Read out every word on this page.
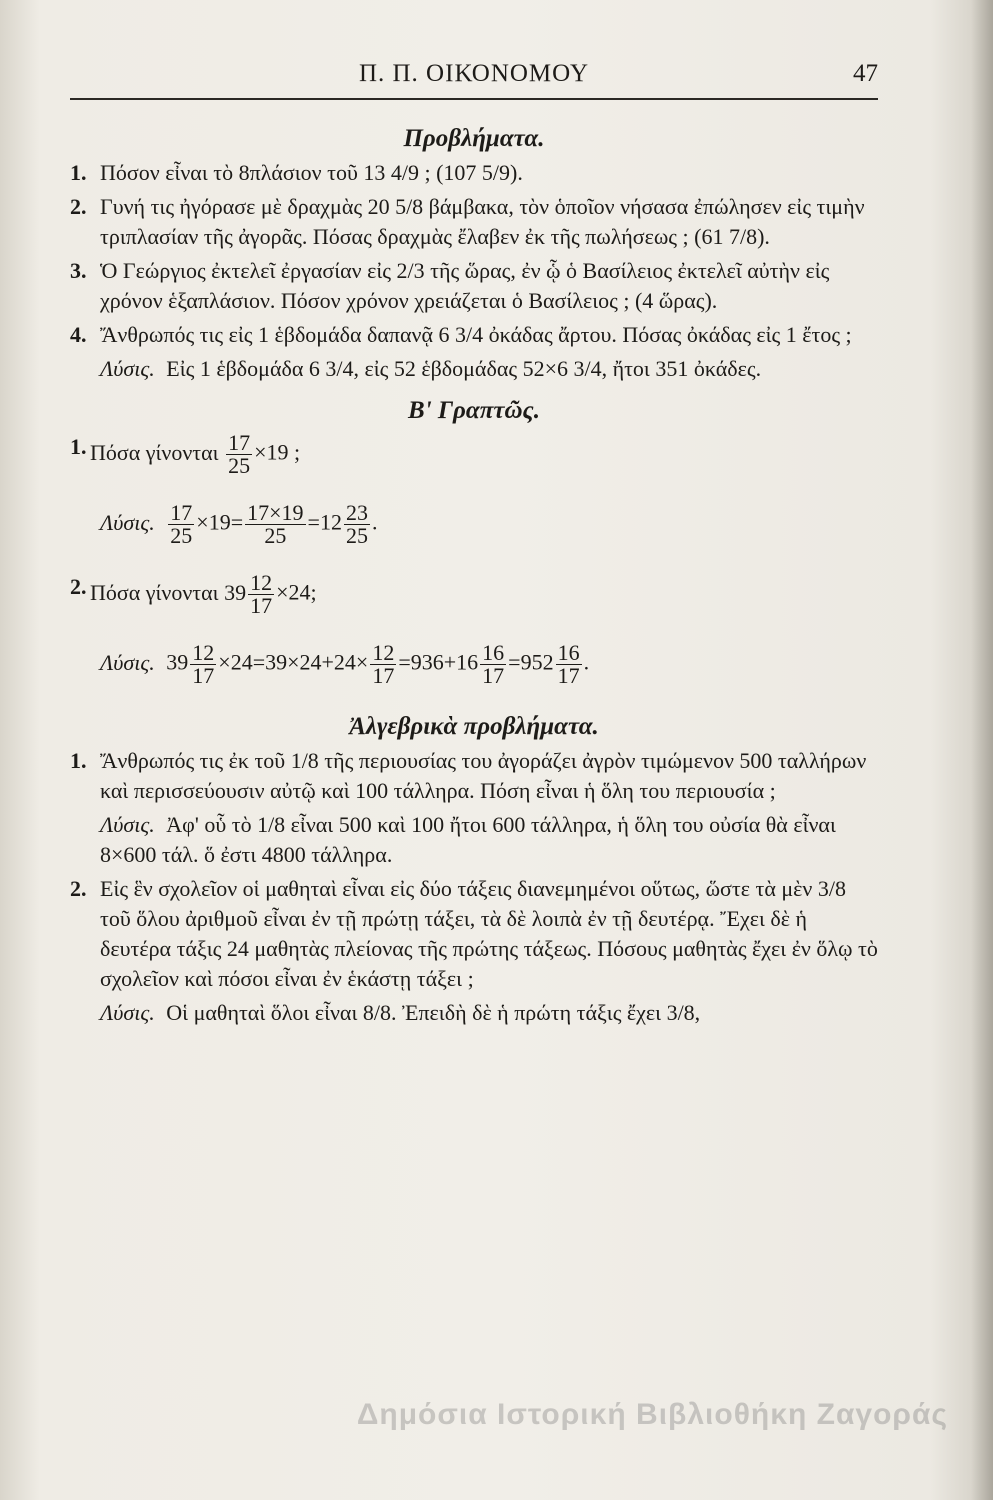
Π. Π. ΟΙΚΟΝΟΜΟΥ	47
Προβλήματα.
1. Πόσον εἶναι τὸ 8πλάσιον τοῦ 13 4/9 ; (107 5/9).
2. Γυνή τις ἠγόρασε μὲ δραχμὰς 20 5/8 βάμβακα, τὸν ὁποῖον νήσασα ἐπώλησεν εἰς τιμὴν τριπλασίαν τῆς ἀγορᾶς. Πόσας δραχμὰς ἔλαβεν ἐκ τῆς πωλήσεως ; (61 7/8).
3. Ὁ Γεώργιος ἐκτελεῖ ἐργασίαν εἰς 2/3 τῆς ὥρας, ἐν ᾧ ὁ Βασίλειος ἐκτελεῖ αὐτὴν εἰς χρόνον ἑξαπλάσιον. Πόσον χρόνον χρειάζεται ὁ Βασίλειος ; (4 ὥρας).
4. Ἄνθρωπός τις εἰς 1 ἑβδομάδα δαπανᾷ 6 3/4 ὀκάδας ἄρτου. Πόσας ὀκάδας εἰς 1 ἔτος ;
Λύσις. Εἰς 1 ἑβδομάδα 6 3/4, εἰς 52 ἑβδομάδας 52×6 3/4, ἤτοι 351 ὀκάδες.
Β' Γραπτῶς.
1. Πόσα γίνονται $\frac{17}{25} \times 19$ ;
Λύσις. $\frac{17}{25} \times 19= \frac{17\times 19}{25} =12 \frac{23}{25}$ .
2. Πόσα γίνονται $39 \frac{12}{17} \times 24$;
Λύσις. $39 \frac{12}{17} \times 24=39\times 24+24\times \frac{12}{17} =936+16 \frac{16}{17} =952 \frac{16}{17}$ .
Ἀλγεβρικὰ προβλήματα.
1. Ἄνθρωπός τις ἐκ τοῦ 1/8 τῆς περιουσίας του ἀγοράζει ἀγρὸν τιμώμενον 500 ταλλήρων καὶ περισσεύουσιν αὐτῷ καὶ 100 τάλληρα. Πόση εἶναι ἡ ὅλη του περιουσία ;
Λύσις. Ἀφ' οὗ τὸ 1/8 εἶναι 500 καὶ 100 ἤτοι 600 τάλληρα, ἡ ὅλη του οὐσία θὰ εἶναι 8×600 τάλ. ὅ ἐστι 4800 τάλληρα.
2. Εἰς ἓν σχολεῖον οἱ μαθηταὶ εἶναι εἰς δύο τάξεις διανεμημένοι οὕτως, ὥστε τὰ μὲν 3/8 τοῦ ὅλου ἀριθμοῦ εἶναι ἐν τῇ πρώτῃ τάξει, τὰ δὲ λοιπὰ ἐν τῇ δευτέρᾳ. Ἔχει δὲ ἡ δευτέρα τάξις 24 μαθητὰς πλείονας τῆς πρώτης τάξεως. Πόσους μαθητὰς ἔχει ἐν ὅλῳ τὸ σχολεῖον καὶ πόσοι εἶναι ἐν ἑκάστῃ τάξει ;
Λύσις. Οἱ μαθηταὶ ὅλοι εἶναι 8/8. Ἐπειδὴ δὲ ἡ πρώτη τάξις ἔχει 3/8,
Δημόσια Ιστορική Βιβλιοθήκη Ζαγοράς
